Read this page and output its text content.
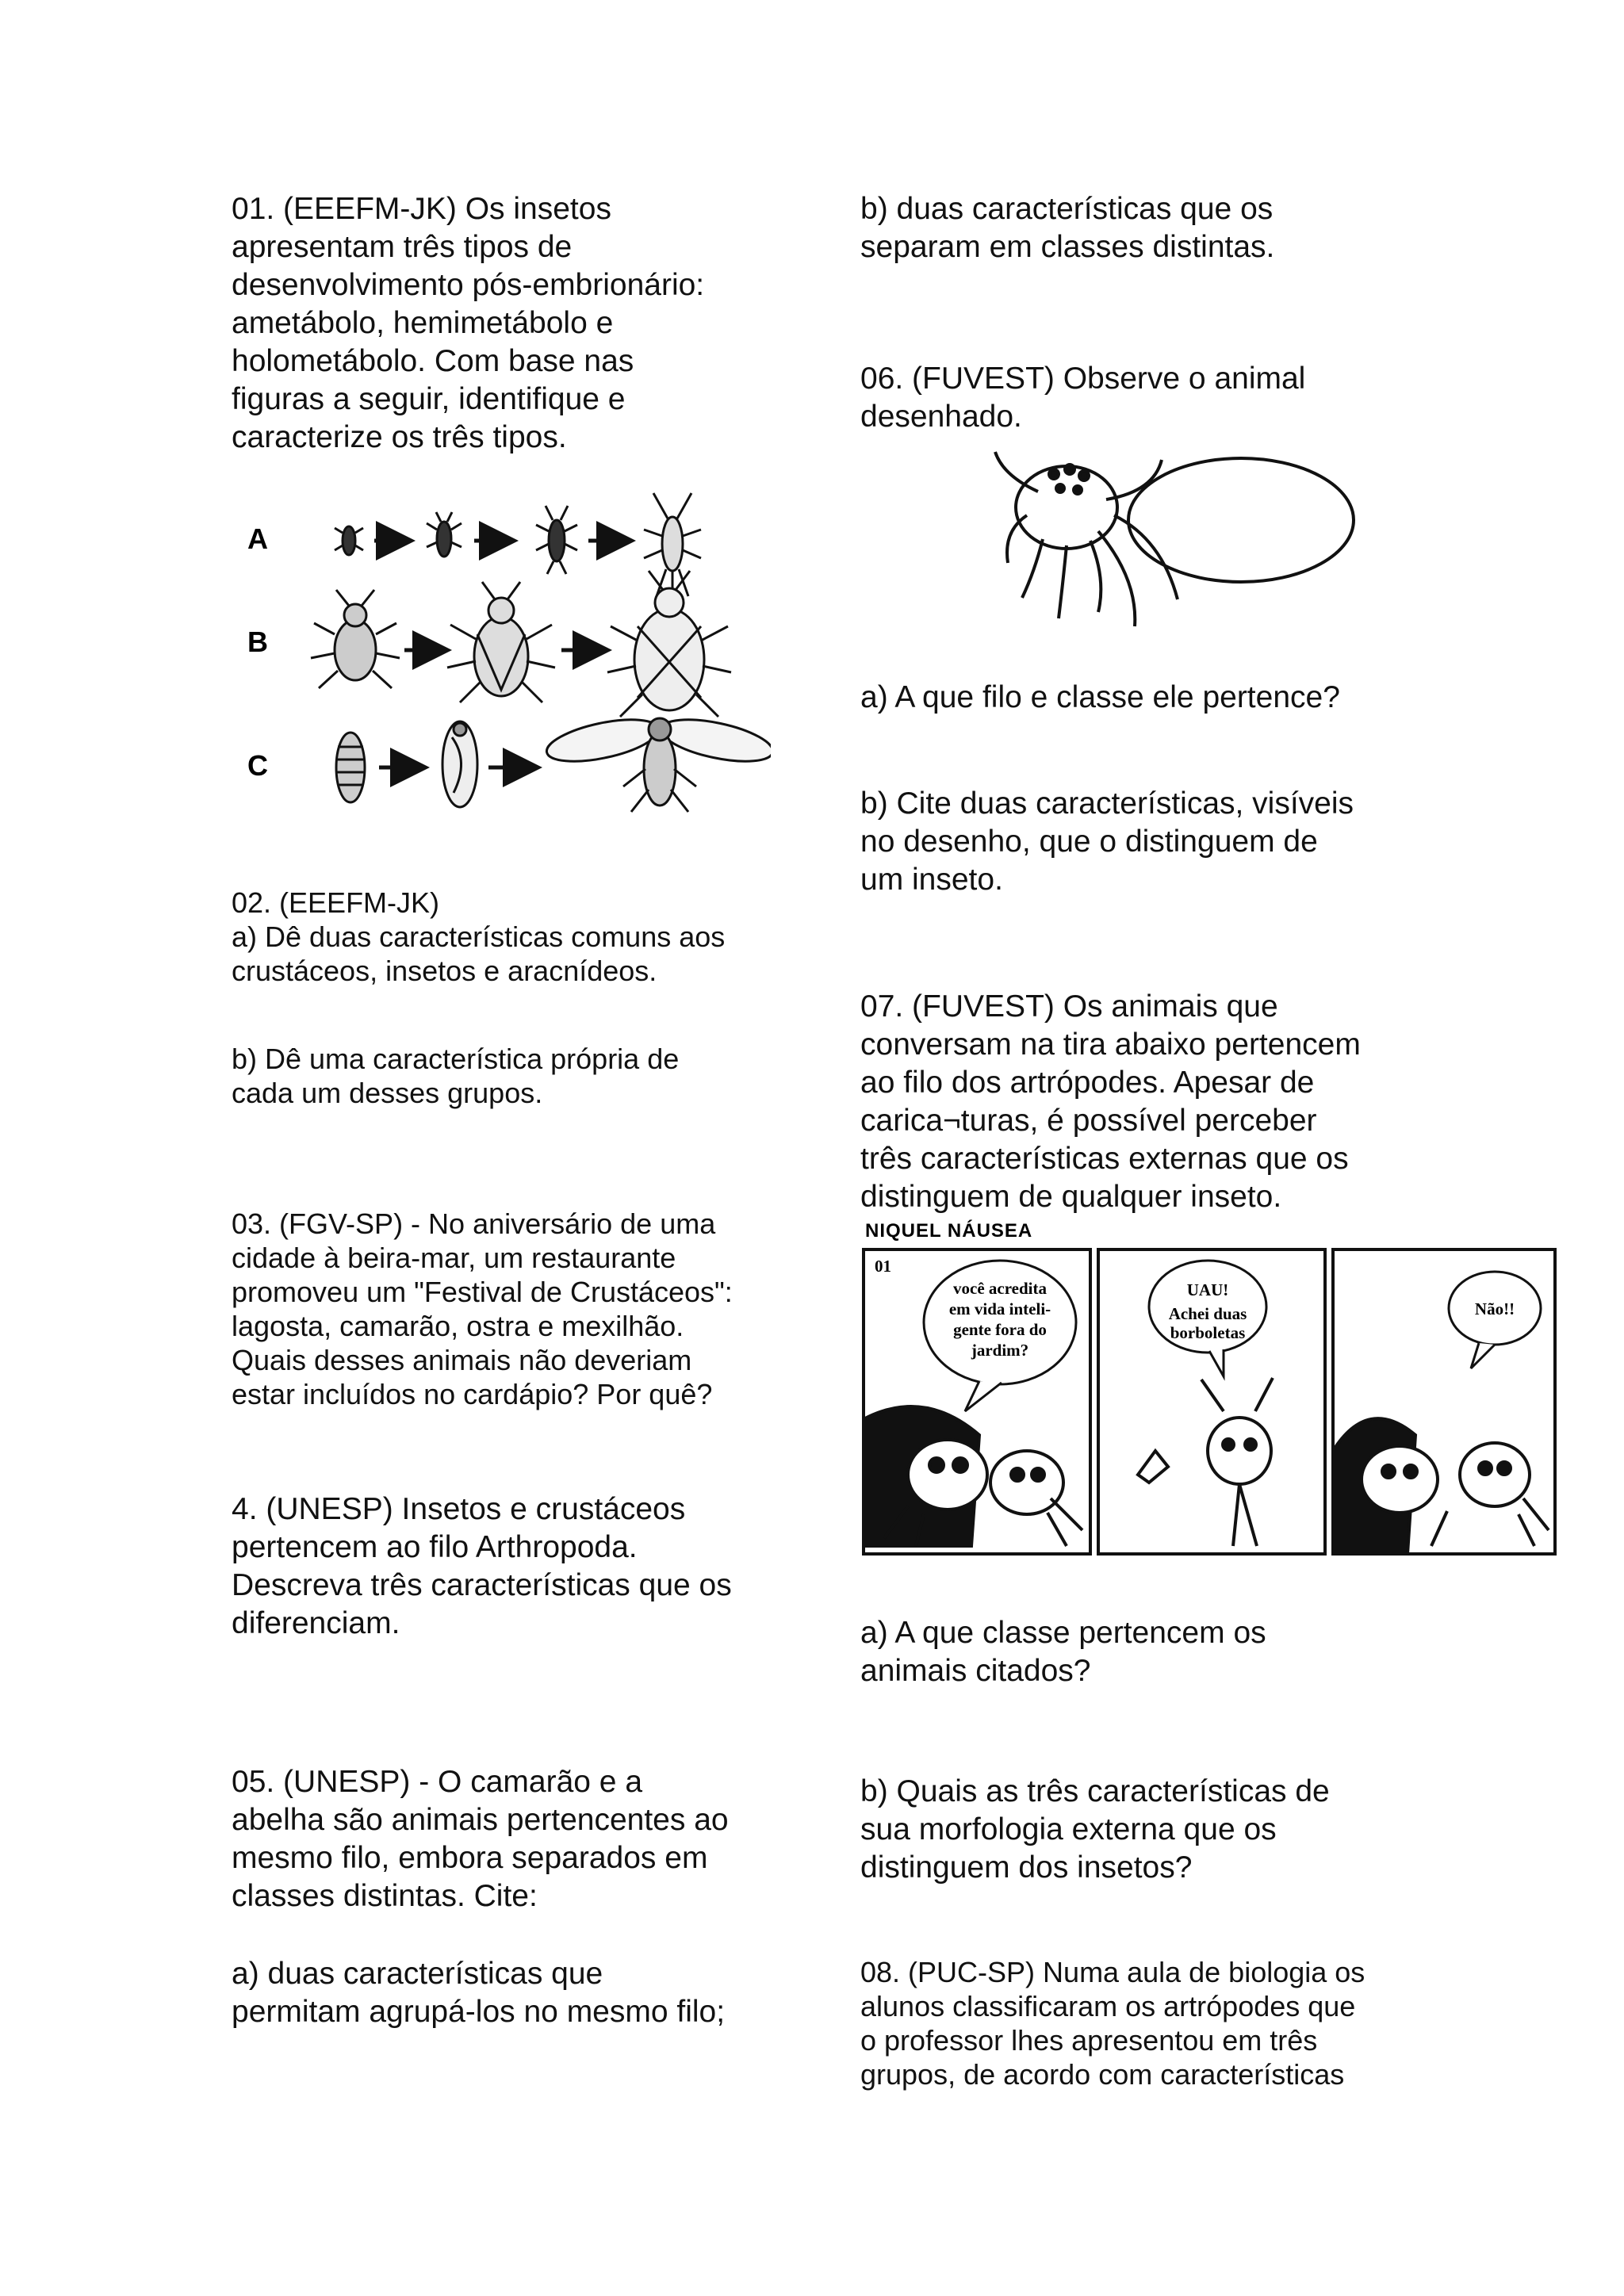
01. (EEEFM-JK) Os insetos

apresentam três tipos de

desenvolvimento pós-embrionário:

ametábolo, hemimetábolo e

holometábolo. Com base nas

figuras a seguir, identifique e

caracterize os três tipos.

A
B
C

02. (EEEFM-JK)

a) Dê duas características comuns aos

crustáceos, insetos e aracnídeos.

b) Dê uma característica própria de

cada um desses grupos.

03. (FGV-SP) - No aniversário de uma

cidade à beira-mar, um restaurante

promoveu um "Festival de Crustáceos":

lagosta, camarão, ostra e mexilhão.

Quais desses animais não deveriam

estar incluídos no cardápio? Por quê?

4. (UNESP) Insetos e crustáceos

pertencem ao filo Arthropoda.

Descreva três características que os

diferenciam.

05. (UNESP) - O camarão e a

abelha são animais pertencentes ao

mesmo filo, embora separados em

classes distintas. Cite:

a) duas características que

permitam agrupá-los no mesmo filo;

b) duas características que os

separam em classes distintas.

06. (FUVEST) Observe o animal

desenhado.

a) A que filo e classe ele pertence?

b) Cite duas características, visíveis

no desenho, que o distinguem de

um inseto.

07. (FUVEST) Os animais que

conversam na tira abaixo pertencem

ao filo dos artrópodes. Apesar de

carica¬turas, é possível perceber

três características externas que os

distinguem de qualquer inseto.

NIQUEL NÁUSEA
01
você acredita
em vida inteli-
gente fora do
jardim?
UAU!
Achei duas
borboletas
Não!!

a) A que classe pertencem os

animais citados?

b) Quais as três características de

sua morfologia externa que os

distinguem dos insetos?

08. (PUC-SP) Numa aula de biologia os

alunos classificaram os artrópodes que

o professor lhes apresentou em três

grupos, de acordo com características
